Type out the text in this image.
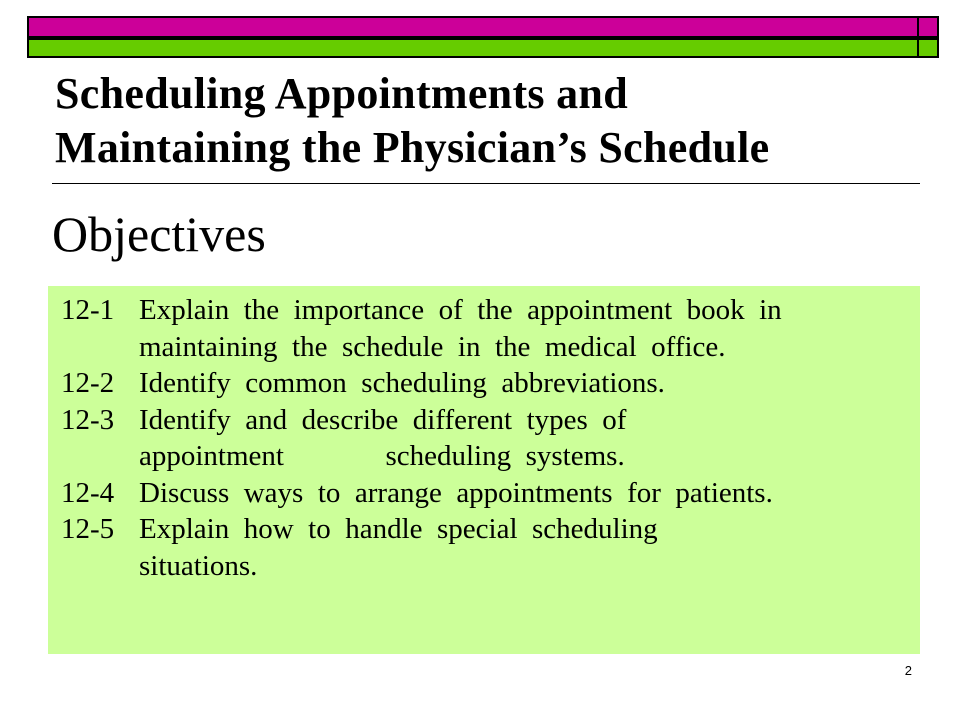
Scheduling Appointments and
Maintaining the Physician’s Schedule
Objectives
12-1 Explain  the  importance  of  the  appointment  book  in
maintaining  the  schedule  in  the  medical  office.
12-2 Identify  common  scheduling  abbreviations.
12-3 Identify  and  describe  different  types  of
appointment              scheduling  systems.
12-4 Discuss  ways  to  arrange  appointments  for  patients.
12-5 Explain  how  to  handle  special  scheduling
situations.
2
